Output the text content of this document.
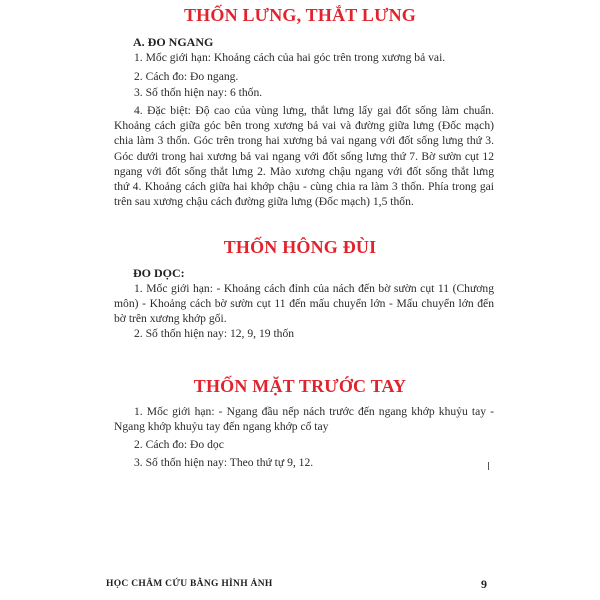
THỐN LƯNG, THẮT LƯNG
A. ĐO NGANG
1. Mốc giới hạn: Khoảng cách của hai góc trên trong xương bả vai.
2. Cách đo: Đo ngang.
3. Số thốn hiện nay: 6 thốn.
4. Đặc biệt: Độ cao của vùng lưng, thắt lưng lấy gai đốt sống làm chuẩn. Khoảng cách giữa góc bên trong xương bả vai và đường giữa lưng (Đốc mạch) chia làm 3 thốn. Góc trên trong hai xương bả vai ngang với đốt sống lưng thứ 3. Góc dưới trong hai xương bả vai ngang với đốt sống lưng thứ 7. Bờ sườn cụt 12 ngang với đốt sống thắt lưng 2. Mào xương chậu ngang với đốt sống thắt lưng thứ 4. Khoảng cách giữa hai khớp chậu - cùng chia ra làm 3 thốn. Phía trong gai trên sau xương chậu cách đường giữa lưng (Đốc mạch) 1,5 thốn.
THỐN HÔNG ĐÙI
ĐO DỌC:
1. Mốc giới hạn: - Khoảng cách đỉnh của nách đến bờ sườn cụt 11 (Chương môn) - Khoảng cách bờ sườn cụt 11 đến mấu chuyển lớn - Mấu chuyển lớn đến bờ trên xương khớp gối.
2. Số thốn hiện nay: 12, 9, 19 thốn
THỐN MẶT TRƯỚC TAY
1. Mốc giới hạn: - Ngang đầu nếp nách trước đến ngang khớp khuỷu tay - Ngang khớp khuỷu tay đến ngang khớp cổ tay
2. Cách đo: Đo dọc
3. Số thốn hiện nay: Theo thứ tự 9, 12.
HỌC CHÂM CỨU BẰNG HÌNH ẢNH	9
